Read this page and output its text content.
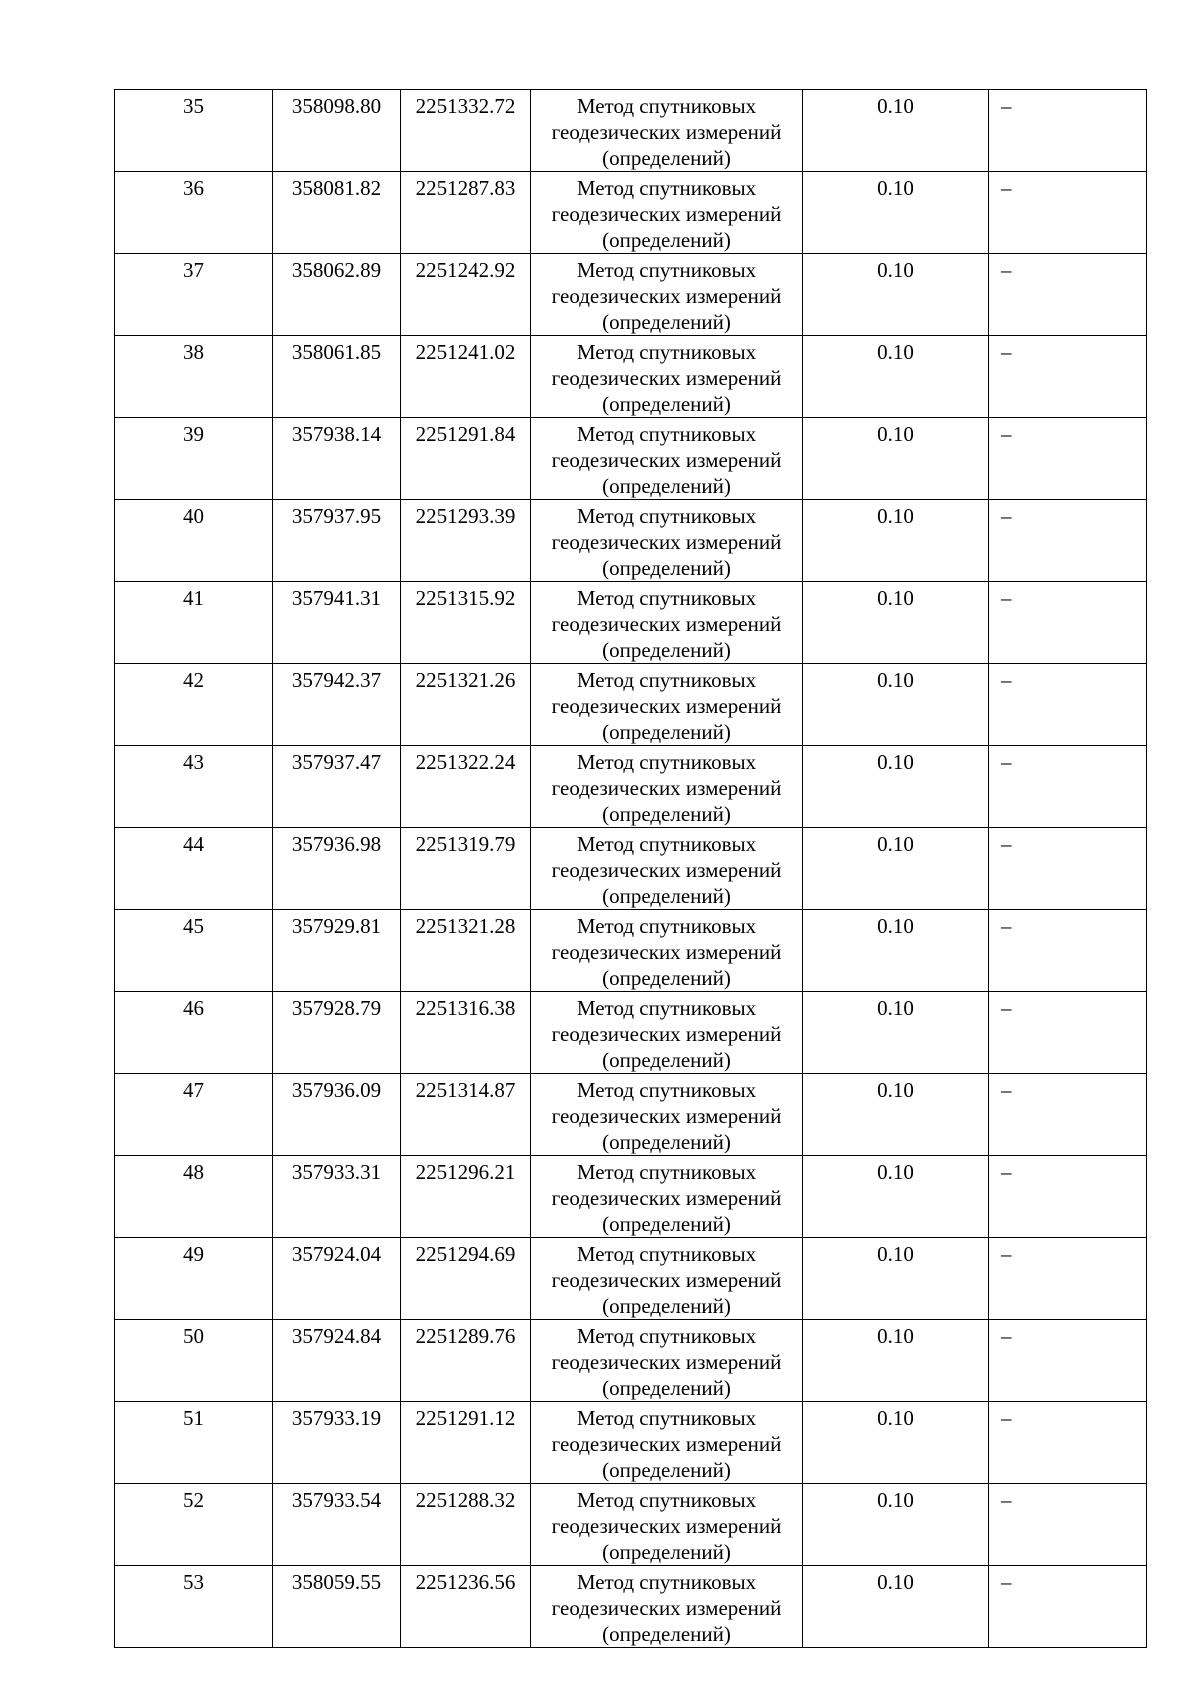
35	358098.80	2251332.72	Метод спутниковых
геодезических измерений
(определений)	0.10	–
36	358081.82	2251287.83	Метод спутниковых
геодезических измерений
(определений)	0.10	–
37	358062.89	2251242.92	Метод спутниковых
геодезических измерений
(определений)	0.10	–
38	358061.85	2251241.02	Метод спутниковых
геодезических измерений
(определений)	0.10	–
39	357938.14	2251291.84	Метод спутниковых
геодезических измерений
(определений)	0.10	–
40	357937.95	2251293.39	Метод спутниковых
геодезических измерений
(определений)	0.10	–
41	357941.31	2251315.92	Метод спутниковых
геодезических измерений
(определений)	0.10	–
42	357942.37	2251321.26	Метод спутниковых
геодезических измерений
(определений)	0.10	–
43	357937.47	2251322.24	Метод спутниковых
геодезических измерений
(определений)	0.10	–
44	357936.98	2251319.79	Метод спутниковых
геодезических измерений
(определений)	0.10	–
45	357929.81	2251321.28	Метод спутниковых
геодезических измерений
(определений)	0.10	–
46	357928.79	2251316.38	Метод спутниковых
геодезических измерений
(определений)	0.10	–
47	357936.09	2251314.87	Метод спутниковых
геодезических измерений
(определений)	0.10	–
48	357933.31	2251296.21	Метод спутниковых
геодезических измерений
(определений)	0.10	–
49	357924.04	2251294.69	Метод спутниковых
геодезических измерений
(определений)	0.10	–
50	357924.84	2251289.76	Метод спутниковых
геодезических измерений
(определений)	0.10	–
51	357933.19	2251291.12	Метод спутниковых
геодезических измерений
(определений)	0.10	–
52	357933.54	2251288.32	Метод спутниковых
геодезических измерений
(определений)	0.10	–
53	358059.55	2251236.56	Метод спутниковых
геодезических измерений
(определений)	0.10	–
